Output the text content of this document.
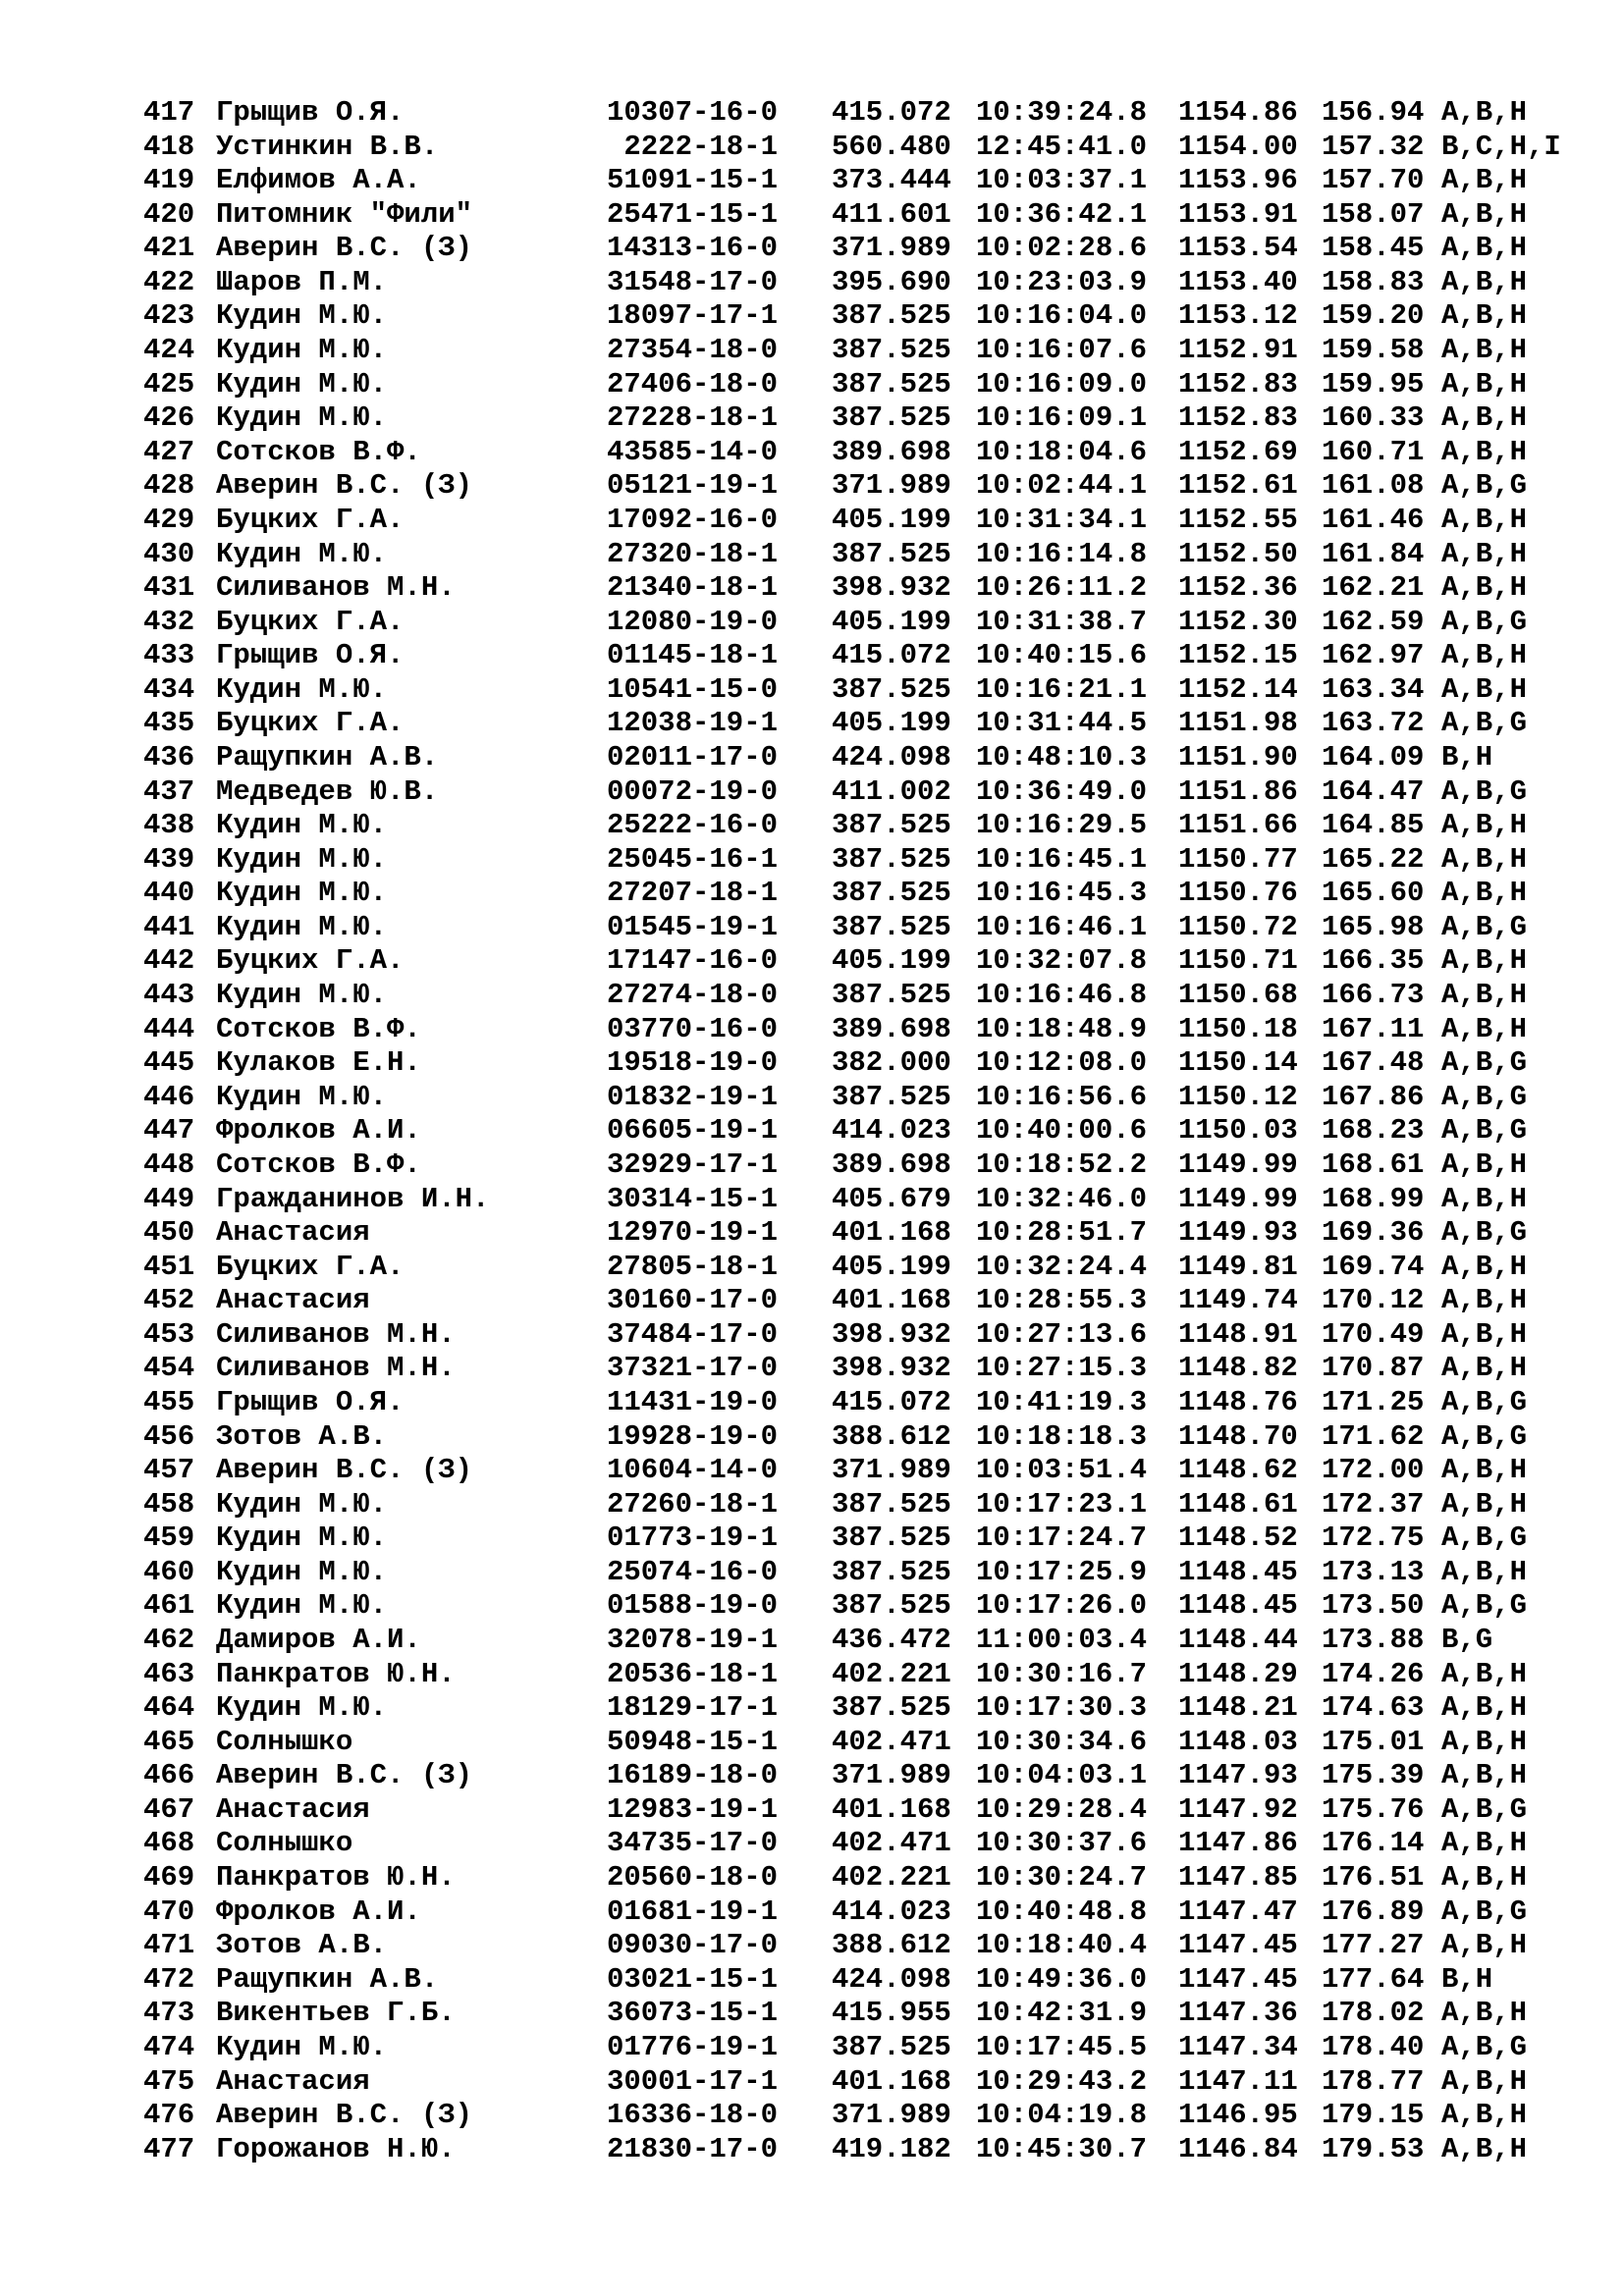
417 Грыщив О.Я.	10307-16-0 415.072 10:39:24.8 1154.86 156.94 A,B,H
418 Устинкин В.В.	2222-18-1 560.480 12:45:41.0 1154.00 157.32 B,C,H,I
419 Елфимов А.А.	51091-15-1 373.444 10:03:37.1 1153.96 157.70 A,B,H
420 Питомник "Фили"	25471-15-1 411.601 10:36:42.1 1153.91 158.07 A,B,H
421 Аверин В.С. (З)	14313-16-0 371.989 10:02:28.6 1153.54 158.45 A,B,H
422 Шаров П.М.	31548-17-0 395.690 10:23:03.9 1153.40 158.83 A,B,H
423 Кудин М.Ю.	18097-17-1 387.525 10:16:04.0 1153.12 159.20 A,B,H
424 Кудин М.Ю.	27354-18-0 387.525 10:16:07.6 1152.91 159.58 A,B,H
425 Кудин М.Ю.	27406-18-0 387.525 10:16:09.0 1152.83 159.95 A,B,H
426 Кудин М.Ю.	27228-18-1 387.525 10:16:09.1 1152.83 160.33 A,B,H
427 Сотсков В.Ф.	43585-14-0 389.698 10:18:04.6 1152.69 160.71 A,B,H
428 Аверин В.С. (З)	05121-19-1 371.989 10:02:44.1 1152.61 161.08 A,B,G
429 Буцких Г.А.	17092-16-0 405.199 10:31:34.1 1152.55 161.46 A,B,H
430 Кудин М.Ю.	27320-18-1 387.525 10:16:14.8 1152.50 161.84 A,B,H
431 Силиванов М.Н.	21340-18-1 398.932 10:26:11.2 1152.36 162.21 A,B,H
432 Буцких Г.А.	12080-19-0 405.199 10:31:38.7 1152.30 162.59 A,B,G
433 Грыщив О.Я.	01145-18-1 415.072 10:40:15.6 1152.15 162.97 A,B,H
434 Кудин М.Ю.	10541-15-0 387.525 10:16:21.1 1152.14 163.34 A,B,H
435 Буцких Г.А.	12038-19-1 405.199 10:31:44.5 1151.98 163.72 A,B,G
436 Ращупкин А.В.	02011-17-0 424.098 10:48:10.3 1151.90 164.09 B,H
437 Медведев Ю.В.	00072-19-0 411.002 10:36:49.0 1151.86 164.47 A,B,G
438 Кудин М.Ю.	25222-16-0 387.525 10:16:29.5 1151.66 164.85 A,B,H
439 Кудин М.Ю.	25045-16-1 387.525 10:16:45.1 1150.77 165.22 A,B,H
440 Кудин М.Ю.	27207-18-1 387.525 10:16:45.3 1150.76 165.60 A,B,H
441 Кудин М.Ю.	01545-19-1 387.525 10:16:46.1 1150.72 165.98 A,B,G
442 Буцких Г.А.	17147-16-0 405.199 10:32:07.8 1150.71 166.35 A,B,H
443 Кудин М.Ю.	27274-18-0 387.525 10:16:46.8 1150.68 166.73 A,B,H
444 Сотсков В.Ф.	03770-16-0 389.698 10:18:48.9 1150.18 167.11 A,B,H
445 Кулаков Е.Н.	19518-19-0 382.000 10:12:08.0 1150.14 167.48 A,B,G
446 Кудин М.Ю.	01832-19-1 387.525 10:16:56.6 1150.12 167.86 A,B,G
447 Фролков А.И.	06605-19-1 414.023 10:40:00.6 1150.03 168.23 A,B,G
448 Сотсков В.Ф.	32929-17-1 389.698 10:18:52.2 1149.99 168.61 A,B,H
449 Гражданинов И.Н.	30314-15-1 405.679 10:32:46.0 1149.99 168.99 A,B,H
450 Анастасия	12970-19-1 401.168 10:28:51.7 1149.93 169.36 A,B,G
451 Буцких Г.А.	27805-18-1 405.199 10:32:24.4 1149.81 169.74 A,B,H
452 Анастасия	30160-17-0 401.168 10:28:55.3 1149.74 170.12 A,B,H
453 Силиванов М.Н.	37484-17-0 398.932 10:27:13.6 1148.91 170.49 A,B,H
454 Силиванов М.Н.	37321-17-0 398.932 10:27:15.3 1148.82 170.87 A,B,H
455 Грыщив О.Я.	11431-19-0 415.072 10:41:19.3 1148.76 171.25 A,B,G
456 Зотов А.В.	19928-19-0 388.612 10:18:18.3 1148.70 171.62 A,B,G
457 Аверин В.С. (З)	10604-14-0 371.989 10:03:51.4 1148.62 172.00 A,B,H
458 Кудин М.Ю.	27260-18-1 387.525 10:17:23.1 1148.61 172.37 A,B,H
459 Кудин М.Ю.	01773-19-1 387.525 10:17:24.7 1148.52 172.75 A,B,G
460 Кудин М.Ю.	25074-16-0 387.525 10:17:25.9 1148.45 173.13 A,B,H
461 Кудин М.Ю.	01588-19-0 387.525 10:17:26.0 1148.45 173.50 A,B,G
462 Дамиров А.И.	32078-19-1 436.472 11:00:03.4 1148.44 173.88 B,G
463 Панкратов Ю.Н.	20536-18-1 402.221 10:30:16.7 1148.29 174.26 A,B,H
464 Кудин М.Ю.	18129-17-1 387.525 10:17:30.3 1148.21 174.63 A,B,H
465 Солнышко	50948-15-1 402.471 10:30:34.6 1148.03 175.01 A,B,H
466 Аверин В.С. (З)	16189-18-0 371.989 10:04:03.1 1147.93 175.39 A,B,H
467 Анастасия	12983-19-1 401.168 10:29:28.4 1147.92 175.76 A,B,G
468 Солнышко	34735-17-0 402.471 10:30:37.6 1147.86 176.14 A,B,H
469 Панкратов Ю.Н.	20560-18-0 402.221 10:30:24.7 1147.85 176.51 A,B,H
470 Фролков А.И.	01681-19-1 414.023 10:40:48.8 1147.47 176.89 A,B,G
471 Зотов А.В.	09030-17-0 388.612 10:18:40.4 1147.45 177.27 A,B,H
472 Ращупкин А.В.	03021-15-1 424.098 10:49:36.0 1147.45 177.64 B,H
473 Викентьев Г.Б.	36073-15-1 415.955 10:42:31.9 1147.36 178.02 A,B,H
474 Кудин М.Ю.	01776-19-1 387.525 10:17:45.5 1147.34 178.40 A,B,G
475 Анастасия	30001-17-1 401.168 10:29:43.2 1147.11 178.77 A,B,H
476 Аверин В.С. (З)	16336-18-0 371.989 10:04:19.8 1146.95 179.15 A,B,H
477 Горожанов Н.Ю.	21830-17-0 419.182 10:45:30.7 1146.84 179.53 A,B,H
